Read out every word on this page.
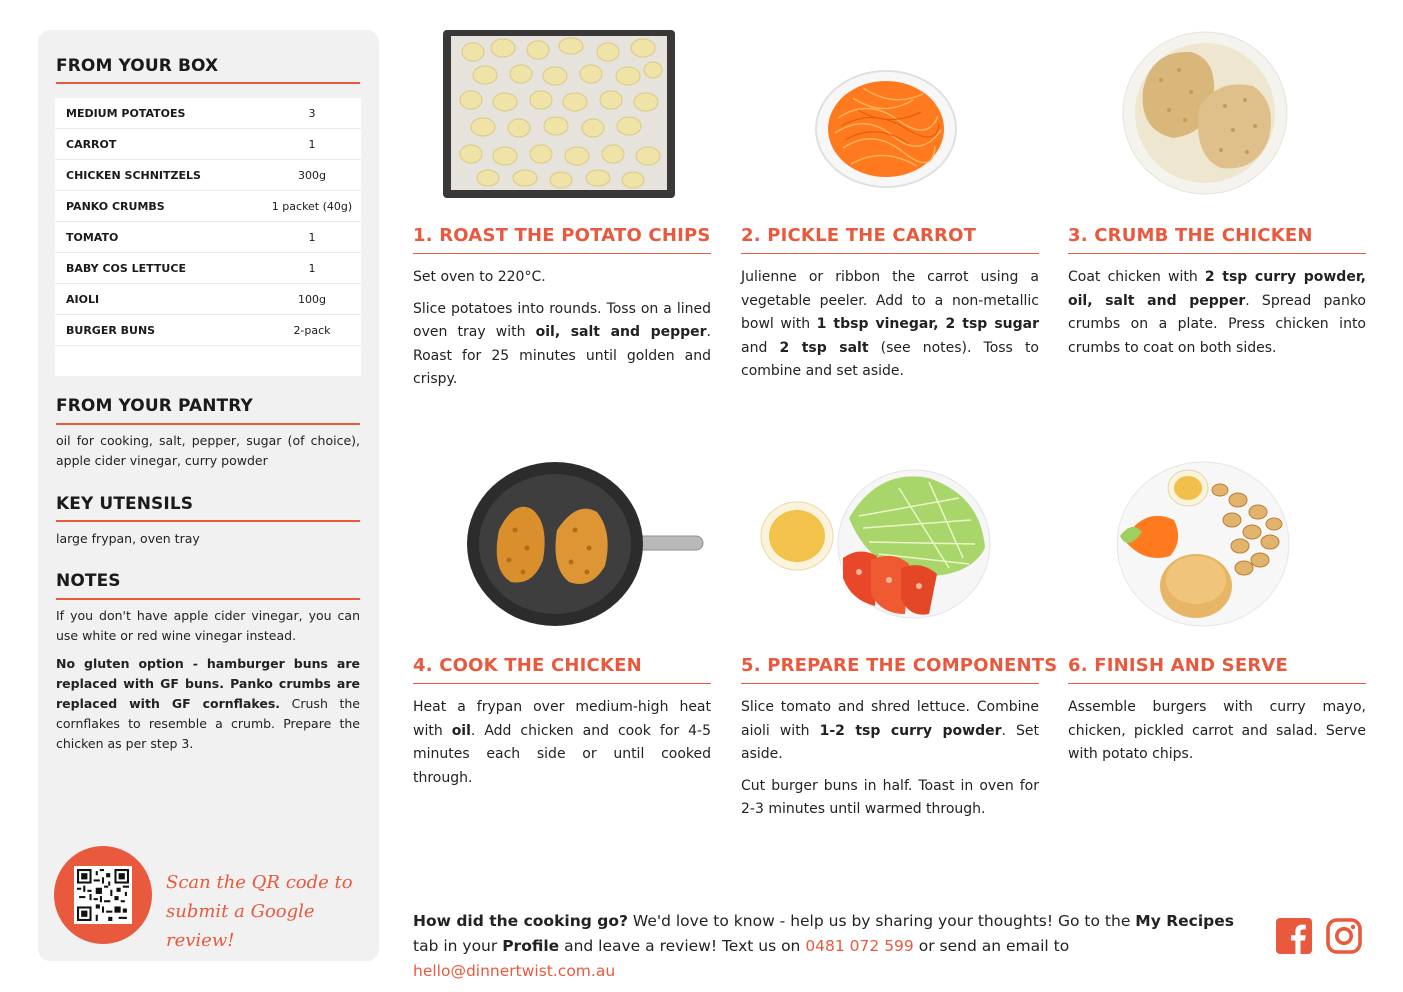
FROM YOUR BOX
MEDIUM POTATOES	3
CARROT	1
CHICKEN SCHNITZELS	300g
PANKO CRUMBS	1 packet (40g)
TOMATO	1
BABY COS LETTUCE	1
AIOLI	100g
BURGER BUNS	2-pack
FROM YOUR PANTRY
oil for cooking, salt, pepper, sugar (of choice), apple cider vinegar, curry powder
KEY UTENSILS
large frypan, oven tray
NOTES

If you don't have apple cider vinegar, you can use white or red wine vinegar instead.

No gluten option - hamburger buns are replaced with GF buns. Panko crumbs are replaced with GF cornflakes. Crush the cornflakes to resemble a crumb. Prepare the chicken as per step 3.

Scan the QR code to
submit a Google review!
1. ROAST THE POTATO CHIPS

Set oven to 220°C.

Slice potatoes into rounds. Toss on a lined oven tray with oil, salt and pepper. Roast for 25 minutes until golden and crispy.

2. PICKLE THE CARROT

Julienne or ribbon the carrot using a vegetable peeler. Add to a non-metallic bowl with 1 tbsp vinegar, 2 tsp sugar and 2 tsp salt (see notes). Toss to combine and set aside.

3. CRUMB THE CHICKEN

Coat chicken with 2 tsp curry powder, oil, salt and pepper. Spread panko crumbs on a plate. Press chicken into crumbs to coat on both sides.

4. COOK THE CHICKEN

Heat a frypan over medium-high heat with oil. Add chicken and cook for 4-5 minutes each side or until cooked through.

5. PREPARE THE COMPONENTS

Slice tomato and shred lettuce. Combine aioli with 1-2 tsp curry powder. Set aside.

Cut burger buns in half. Toast in oven for 2-3 minutes until warmed through.

6. FINISH AND SERVE

Assemble burgers with curry mayo, chicken, pickled carrot and salad. Serve with potato chips.

How did the cooking go? We'd love to know - help us by sharing your thoughts! Go to the My Recipes tab in your Profile and leave a review! Text us on 0481 072 599 or send an email to hello@dinnertwist.com.au
